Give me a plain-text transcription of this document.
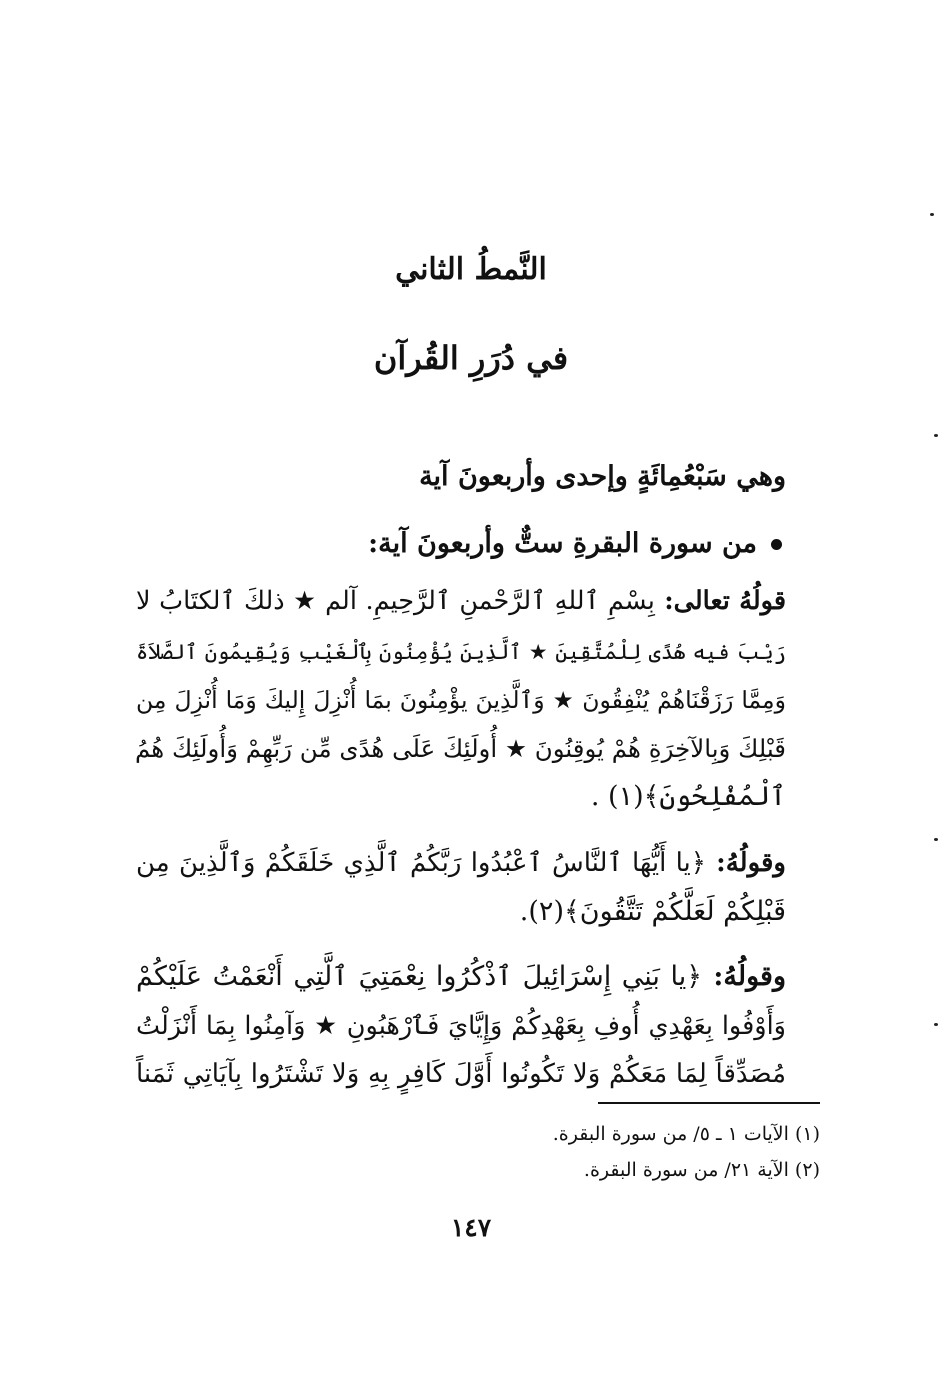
النَّمطُ الثاني
في دُرَرِ القُرآن
وهي سَبْعُمِائَةٍ وإحدى وأربعونَ آية
من سورة البقرةِ ستٌّ وأربعونَ آية:
قولُهُ تعالى: بِسْمِ ٱللهِ ٱلرَّحْمنِ ٱلرَّحِيمِ. آلم ★ ذلكَ ٱلكتَابُ لا
رَيْبَ فيه هُدًى لِلْمُتَّقِينَ ★ ٱلَّذِينَ يُؤْمِنُونَ بِٱلْغَيْبِ وَيُقِيمُونَ ٱلصَّلاَةَ
وَمِمَّا رَزَقْنَاهُمْ يُنْفِقُونَ ★ وَٱلَّذِينَ يؤْمِنُونَ بمَا أُنْزِلَ إِليكَ وَمَا أُنْزِلَ مِن
قَبْلِكَ وَبِالآخِرَةِ هُمْ يُوقِنُونَ ★ أُولَئِكَ عَلَى هُدًى مِّن رَبِّهِمْ وَأُولَئِكَ هُمُ
ٱلْمُفْلِحُونَ﴾(١) .
وقولُهُ: ﴿يا أَيُّهَا ٱلنَّاسُ ٱعْبُدُوا رَبَّكُمُ ٱلَّذِي خَلَقَكُمْ وَٱلَّذِينَ مِن
قَبْلِكُمْ لَعَلَّكُمْ تَتَّقُونَ﴾(٢).
وقولُهُ: ﴿يا بَنِي إِسْرَائِيلَ ٱذْكُرُوا نِعْمَتِيَ ٱلَّتِي أَنْعَمْتُ عَلَيْكُمْ
وَأَوْفُوا بِعَهْدِي أُوفِ بِعَهْدِكُمْ وَإِيَّايَ فَٱرْهَبُونِ ★ وَآمِنُوا بِمَا أَنْزَلْتُ
مُصَدِّقاً لِمَا مَعَكُمْ وَلا تَكُونُوا أَوَّلَ كَافِرٍ بِهِ وَلا تَشْتَرُوا بِآيَاتِي ثَمَناً
(١) الآيات ١ ـ ٥/ من سورة البقرة.
(٢) الآية ٢١/ من سورة البقرة.
١٤٧
